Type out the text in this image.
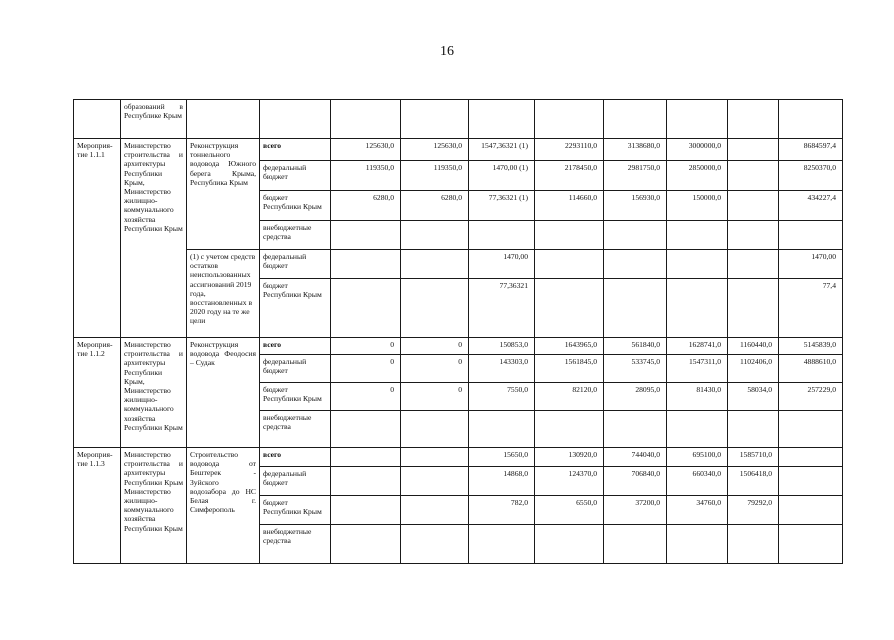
16
	образований в Республике Крым										
Мероприя-тие 1.1.1	Министерство строительства и архитектуры Республики Крым, Министерство жилищно-коммунального хозяйства Республики Крым	Реконструкция тоннельного водовода Южного берега Крыма, Республика Крым	всего	125630,0	125630,0	1547,36321 (1)	2293110,0	3138680,0	3000000,0		8684597,4
			федеральный бюджет	119350,0	119350,0	1470,00 (1)	2178450,0	2981750,0	2850000,0		8250370,0
			бюджет Республики Крым	6280,0	6280,0	77,36321 (1)	114660,0	156930,0	150000,0		434227,4
			внебюджетные средства								
		(1) с учетом средств остатков неиспользованных ассигнований 2019 года, восстановленных в 2020 году на те же цели	федеральный бюджет			1470,00					1470,00
			бюджет Республики Крым			77,36321					77,4
Мероприя-тие 1.1.2	Министерство строительства и архитектуры Республики Крым, Министерство жилищно-коммунального хозяйства Республики Крым	Реконструкция водовода Феодосия – Судак	всего	0	0	150853,0	1643965,0	561840,0	1628741,0	1160440,0	5145839,0
			федеральный бюджет	0	0	143303,0	1561845,0	533745,0	1547311,0	1102406,0	4888610,0
			бюджет Республики Крым	0	0	7550,0	82120,0	28095,0	81430,0	58034,0	257229,0
			внебюджетные средства								
Мероприя-тие 1.1.3	Министерство строительства и архитектуры Республики Крым Министерство жилищно-коммунального хозяйства Республики Крым	Строительство водовода от Бештерек - Зуйского водозабора до НС Белая г. Симферополь	всего			15650,0	130920,0	744040,0	695100,0	1585710,0	
			федеральный бюджет			14868,0	124370,0	706840,0	660340,0	1506418,0	
			бюджет Республики Крым			782,0	6550,0	37200,0	34760,0	79292,0	
			внебюджетные средства								
